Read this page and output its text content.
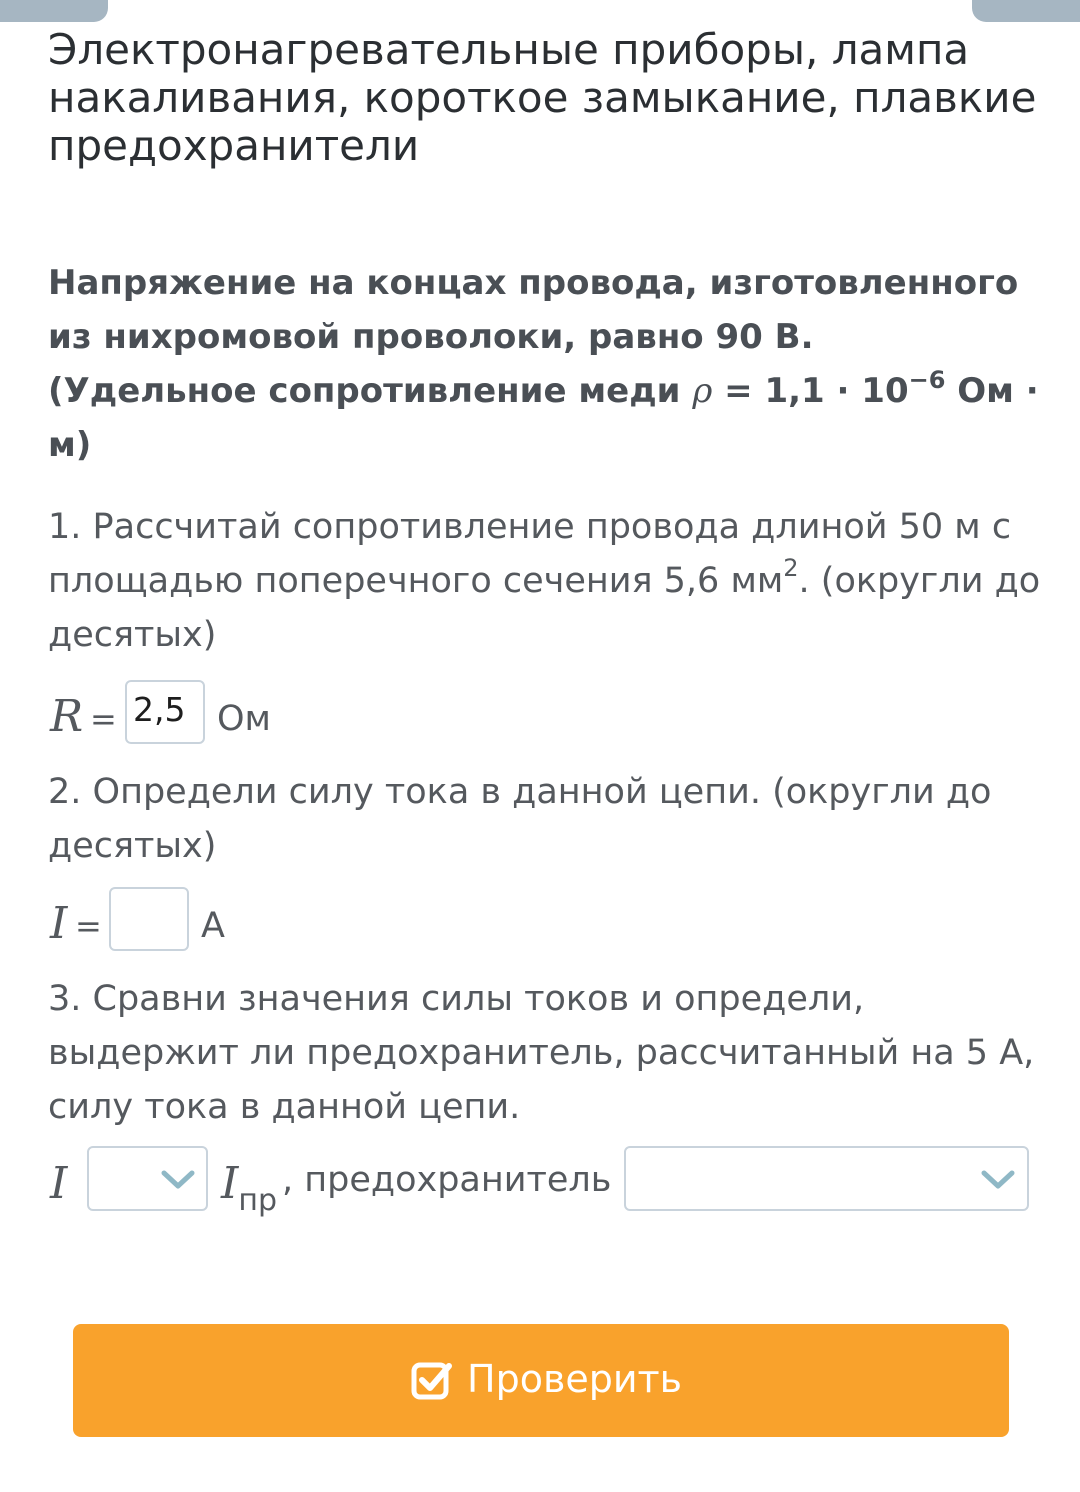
Электронагревательные приборы, лампа накаливания, короткое замыкание, плавкие предохранители
Напряжение на концах провода, изготовленного из нихромовой проволоки, равно 90 В.
(Удельное сопротивление меди $\rho = 1,1 \cdot 10^{-6}$ Ом · м)

1. Рассчитай сопротивление провода длиной 50 м с площадью поперечного сечения 5,6 $мм^2$. (округли до десятых)

R = 2,5 Ом

2. Определи силу тока в данной цепи. (округли до десятых)

I =	А

3. Сравни значения силы токов и определи, выдержит ли предохранитель, рассчитанный на 5 А, силу тока в данной цепи.

I	$I_{пр}$
, предохранитель
Проверить
